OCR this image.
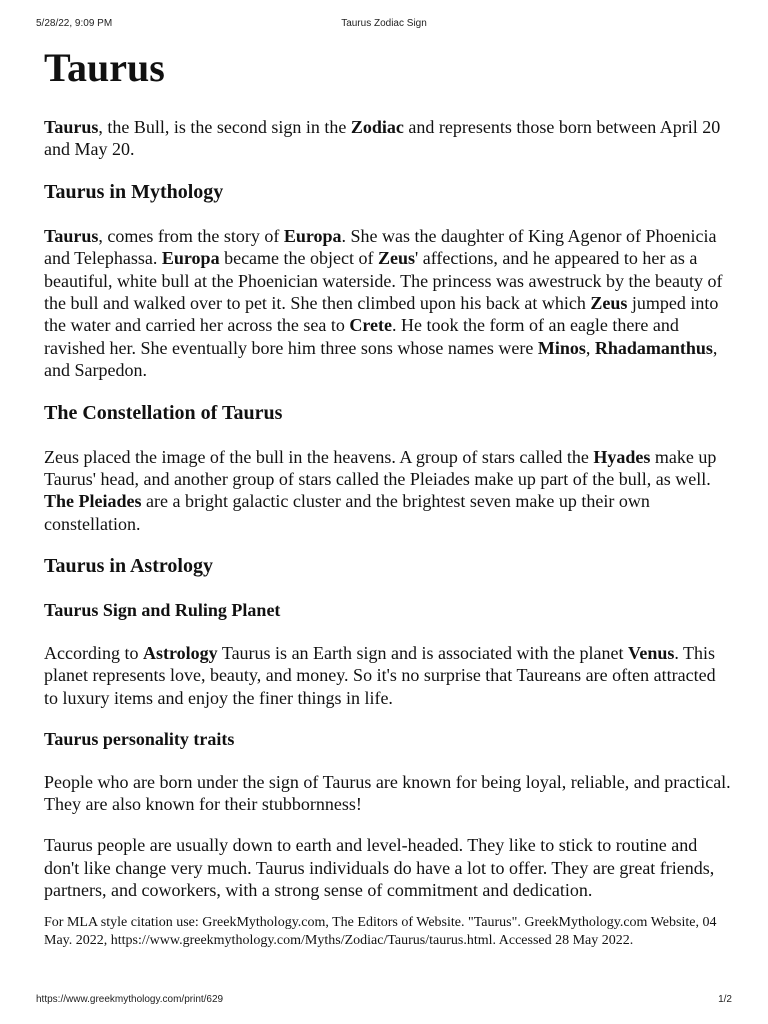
5/28/22, 9:09 PM	Taurus Zodiac Sign
Taurus

Taurus, the Bull, is the second sign in the Zodiac and represents those born between April 20 and May 20.

Taurus in Mythology

Taurus, comes from the story of Europa. She was the daughter of King Agenor of Phoenicia and Telephassa. Europa became the object of Zeus' affections, and he appeared to her as a beautiful, white bull at the Phoenician waterside. The princess was awestruck by the beauty of the bull and walked over to pet it. She then climbed upon his back at which Zeus jumped into the water and carried her across the sea to Crete. He took the form of an eagle there and ravished her. She eventually bore him three sons whose names were Minos, Rhadamanthus, and Sarpedon.

The Constellation of Taurus

Zeus placed the image of the bull in the heavens. A group of stars called the Hyades make up Taurus' head, and another group of stars called the Pleiades make up part of the bull, as well. The Pleiades are a bright galactic cluster and the brightest seven make up their own constellation.

Taurus in Astrology
Taurus Sign and Ruling Planet

According to Astrology Taurus is an Earth sign and is associated with the planet Venus. This planet represents love, beauty, and money. So it's no surprise that Taureans are often attracted to luxury items and enjoy the finer things in life.

Taurus personality traits

People who are born under the sign of Taurus are known for being loyal, reliable, and practical. They are also known for their stubbornness!

Taurus people are usually down to earth and level-headed. They like to stick to routine and don't like change very much. Taurus individuals do have a lot to offer. They are great friends, partners, and coworkers, with a strong sense of commitment and dedication.

For MLA style citation use: GreekMythology.com, The Editors of Website. "Taurus". GreekMythology.com Website, 04 May. 2022, https://www.greekmythology.com/Myths/Zodiac/Taurus/taurus.html. Accessed 28 May 2022.

https://www.greekmythology.com/print/629	1/2
